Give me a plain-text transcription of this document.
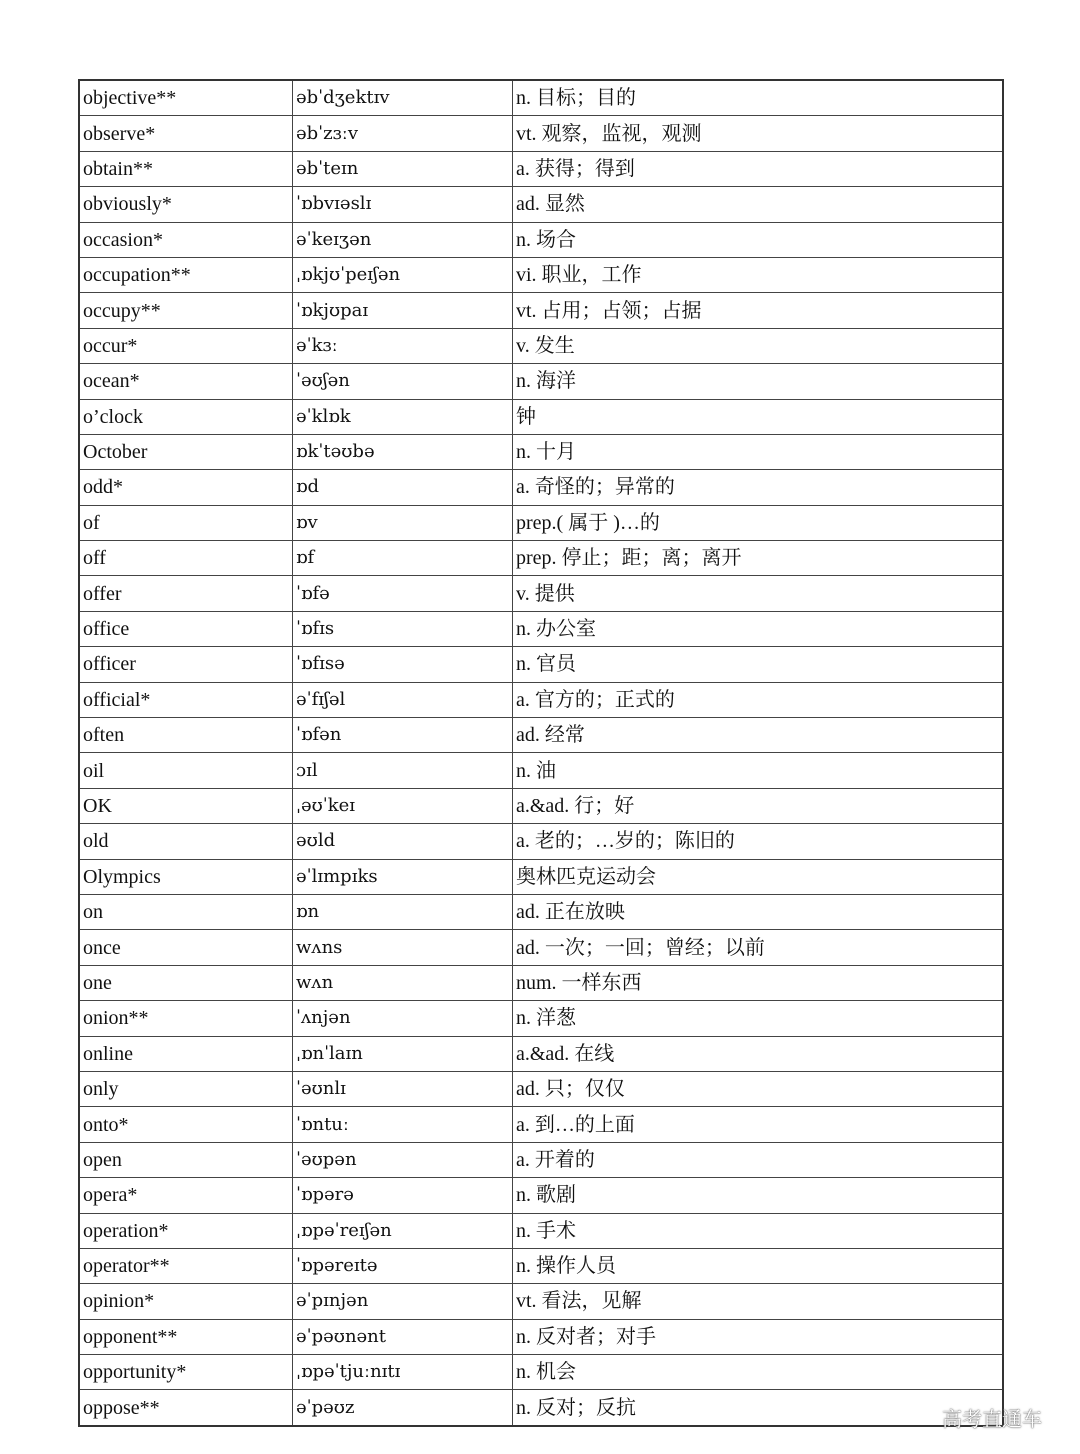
objective**	əbˈdʒektɪv	n. 目标；目的
observe*	əbˈzɜːv	vt. 观察，监视，观测
obtain**	əbˈteɪn	a. 获得；得到
obviously*	ˈɒbvɪəslɪ	ad. 显然
occasion*	əˈkeɪʒən	n. 场合
occupation**	ˌɒkjʊˈpeɪʃən	vi. 职业，工作
occupy**	ˈɒkjʊpaɪ	vt. 占用；占领；占据
occur*	əˈkɜː	v. 发生
ocean*	ˈəʊʃən	n. 海洋
o’clock	əˈklɒk	钟
October	ɒkˈtəʊbə	n. 十月
odd*	ɒd	a. 奇怪的；异常的
of	ɒv	prep.( 属于 )…的
off	ɒf	prep. 停止；距；离；离开
offer	ˈɒfə	v. 提供
office	ˈɒfɪs	n. 办公室
officer	ˈɒfɪsə	n. 官员
official*	əˈfɪʃəl	a. 官方的；正式的
often	ˈɒfən	ad. 经常
oil	ɔɪl	n. 油
OK	ˌəʊˈkeɪ	a.&ad. 行；好
old	əʊld	a. 老的；…岁的；陈旧的
Olympics	əˈlɪmpɪks	奥林匹克运动会
on	ɒn	ad. 正在放映
once	wʌns	ad. 一次；一回；曾经；以前
one	wʌn	num. 一样东西
onion**	ˈʌnjən	n. 洋葱
online	ˌɒnˈlaɪn	a.&ad. 在线
only	ˈəʊnlɪ	ad. 只；仅仅
onto*	ˈɒntuː	a. 到…的上面
open	ˈəʊpən	a. 开着的
opera*	ˈɒpərə	n. 歌剧
operation*	ˌɒpəˈreɪʃən	n. 手术
operator**	ˈɒpəreɪtə	n. 操作人员
opinion*	əˈpɪnjən	vt. 看法，见解
opponent**	əˈpəʊnənt	n. 反对者；对手
opportunity*	ˌɒpəˈtjuːnɪtɪ	n. 机会
oppose**	əˈpəʊz	n. 反对；反抗	高考直通车
